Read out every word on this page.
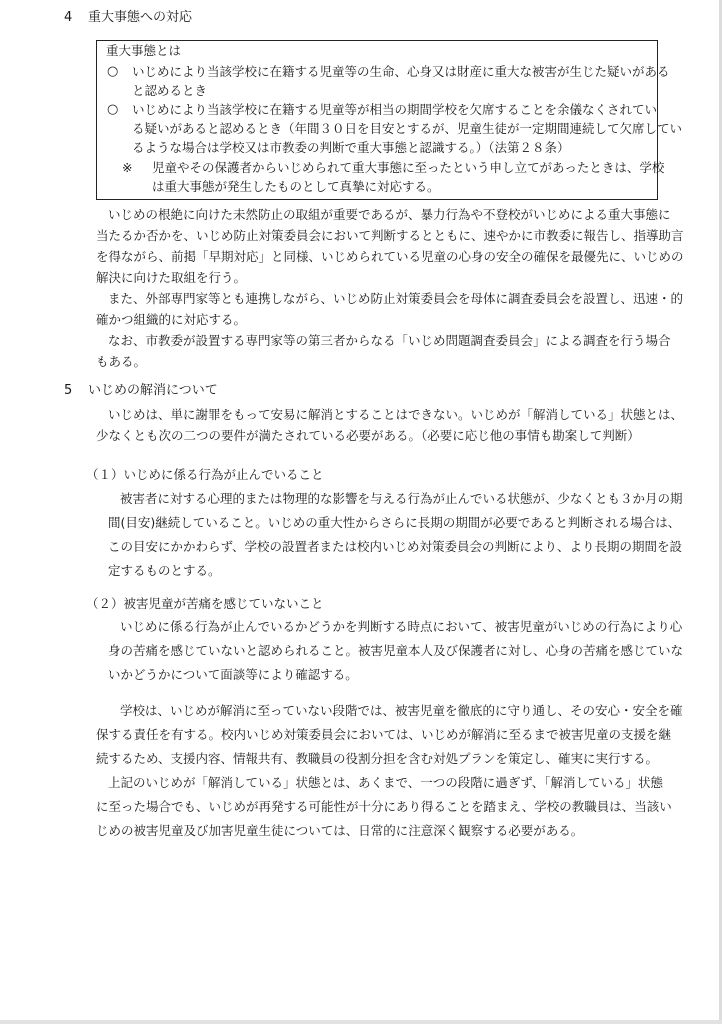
4 重大事態への対応
重大事態とは
○ いじめにより当該学校に在籍する児童等の生命、心身又は財産に重大な被害が生じた疑いがある
と認めるとき
○ いじめにより当該学校に在籍する児童等が相当の期間学校を欠席することを余儀なくされてい
る疑いがあると認めるとき（年間３０日を目安とするが、児童生徒が一定期間連続して欠席してい
るような場合は学校又は市教委の判断で重大事態と認識する。）（法第２８条）
※ 児童やその保護者からいじめられて重大事態に至ったという申し立てがあったときは、学校
は重大事態が発生したものとして真摯に対応する。
いじめの根絶に向けた未然防止の取組が重要であるが、暴力行為や不登校がいじめによる重大事態に
当たるか否かを、いじめ防止対策委員会において判断するとともに、速やかに市教委に報告し、指導助言
を得ながら、前掲「早期対応」と同様、いじめられている児童の心身の安全の確保を最優先に、いじめの
解決に向けた取組を行う。
また、外部専門家等とも連携しながら、いじめ防止対策委員会を母体に調査委員会を設置し、迅速・的
確かつ組織的に対応する。
なお、市教委が設置する専門家等の第三者からなる「いじめ問題調査委員会」による調査を行う場合
もある。
5 いじめの解消について
いじめは、単に謝罪をもって安易に解消とすることはできない。いじめが「解消している」状態とは、
少なくとも次の二つの要件が満たされている必要がある。（必要に応じ他の事情も勘案して判断）
（１）いじめに係る行為が止んでいること
被害者に対する心理的または物理的な影響を与える行為が止んでいる状態が、少なくとも３か月の期
間(目安)継続していること。いじめの重大性からさらに長期の期間が必要であると判断される場合は、
この目安にかかわらず、学校の設置者または校内いじめ対策委員会の判断により、より長期の期間を設
定するものとする。
（２）被害児童が苦痛を感じていないこと
いじめに係る行為が止んでいるかどうかを判断する時点において、被害児童がいじめの行為により心
身の苦痛を感じていないと認められること。被害児童本人及び保護者に対し、心身の苦痛を感じていな
いかどうかについて面談等により確認する。
学校は、いじめが解消に至っていない段階では、被害児童を徹底的に守り通し、その安心・安全を確
保する責任を有する。校内いじめ対策委員会においては、いじめが解消に至るまで被害児童の支援を継
続するため、支援内容、情報共有、教職員の役割分担を含む対処プランを策定し、確実に実行する。
上記のいじめが「解消している」状態とは、あくまで、一つの段階に過ぎず、「解消している」状態
に至った場合でも、いじめが再発する可能性が十分にあり得ることを踏まえ、学校の教職員は、当該い
じめの被害児童及び加害児童生徒については、日常的に注意深く観察する必要がある。
